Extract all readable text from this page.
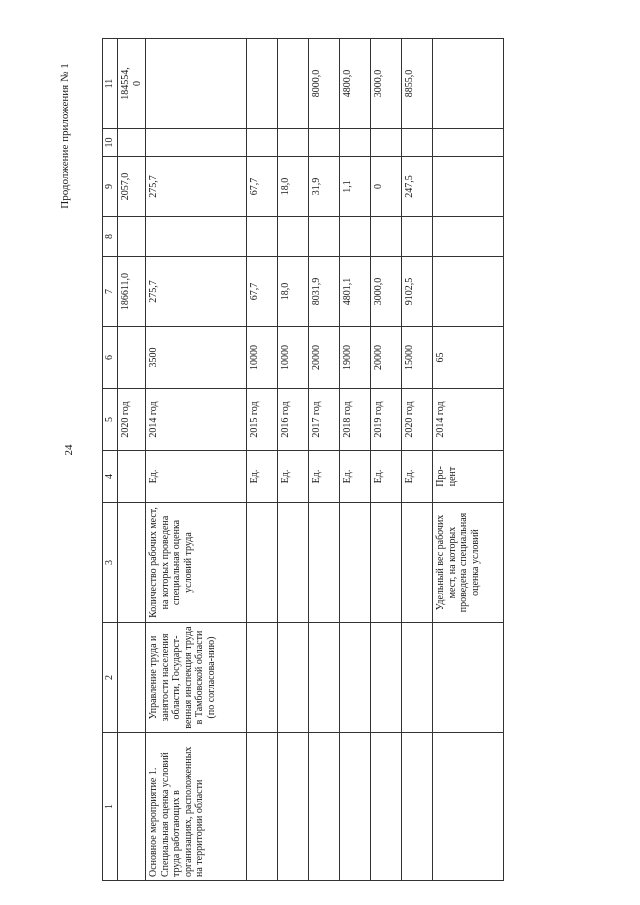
24
Продолжение приложения № 1
1	2	3	4	5	6	7	8	9	10	11
				2020 год		186611,0		2057,0		184554,
0
Основное мероприятие 1. Специальная оценка условий труда работающих в организациях, расположенных на территории области	Управление труда и занятости населения области, Государст-венная инспекция труда в Тамбовской области (по согласова-нию)	Количество рабочих мест, на которых проведена специальная оценка условий труда	Ед.	2014 год	3500	275,7		275,7		
			Ед.	2015 год	10000	67,7		67,7		
			Ед.	2016 год	10000	18,0		18,0		
			Ед.	2017 год	20000	8031,9		31,9		8000,0
			Ед.	2018 год	19000	4801,1		1,1		4800,0
			Ед.	2019 год	20000	3000,0		0		3000,0
			Ед.	2020 год	15000	9102,5		247,5		8855,0
		Удельный вес рабочих мест, на которых проведена специальная оценка условий	Про-
цент	2014 год	65					
